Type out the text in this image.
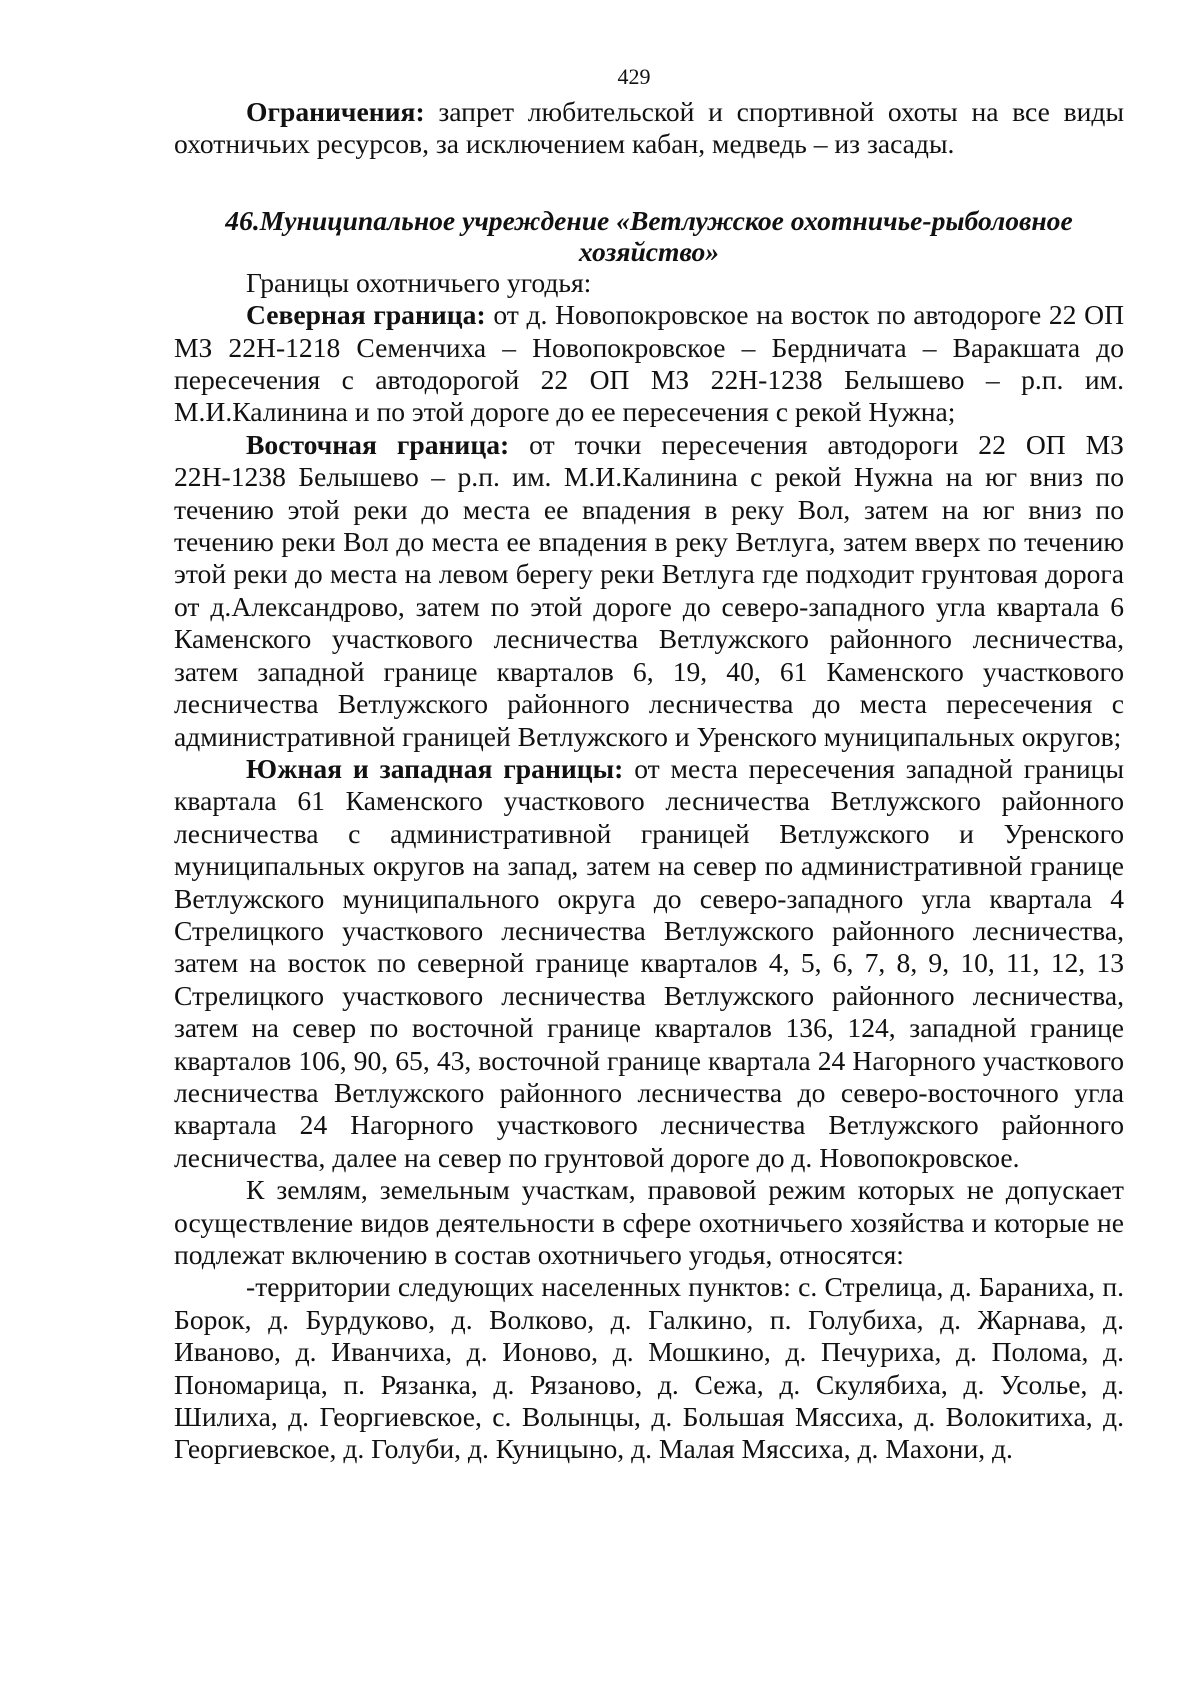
429

Ограничения: запрет любительской и спортивной охоты на все виды охотничьих ресурсов, за исключением кабан, медведь – из засады.

46.Муниципальное учреждение «Ветлужское охотничье-рыболовное
хозяйство»

Границы охотничьего угодья:

Северная граница: от д. Новопокровское на восток по автодороге 22 ОП МЗ 22Н-1218 Семенчиха – Новопокровское – Бердничата – Варакшата до пересечения с автодорогой 22 ОП МЗ 22Н-1238 Белышево – р.п. им. М.И.Калинина и по этой дороге до ее пересечения с рекой Нужна;

Восточная граница: от точки пересечения автодороги 22 ОП МЗ 22Н-1238 Белышево – р.п. им. М.И.Калинина с рекой Нужна на юг вниз по течению этой реки до места ее впадения в реку Вол, затем на юг вниз по течению реки Вол до места ее впадения в реку Ветлуга, затем вверх по течению этой реки до места на левом берегу реки Ветлуга где подходит грунтовая дорога от д.Александрово, затем по этой дороге до северо-западного угла квартала 6 Каменского участкового лесничества Ветлужского районного лесничества, затем западной границе кварталов 6, 19, 40, 61 Каменского участкового лесничества Ветлужского районного лесничества до места пересечения с административной границей Ветлужского и Уренского муниципальных округов;

Южная и западная границы: от места пересечения западной границы квартала 61 Каменского участкового лесничества Ветлужского районного лесничества с административной границей Ветлужского и Уренского муниципальных округов на запад, затем на север по административной границе Ветлужского муниципального округа до северо-западного угла квартала 4 Стрелицкого участкового лесничества Ветлужского районного лесничества, затем на восток по северной границе кварталов 4, 5, 6, 7, 8, 9, 10, 11, 12, 13 Стрелицкого участкового лесничества Ветлужского районного лесничества, затем на север по восточной границе кварталов 136, 124, западной границе кварталов 106, 90, 65, 43, восточной границе квартала 24 Нагорного участкового лесничества Ветлужского районного лесничества до северо-восточного угла квартала 24 Нагорного участкового лесничества Ветлужского районного лесничества, далее на север по грунтовой дороге до д. Новопокровское.

К землям, земельным участкам, правовой режим которых не допускает осуществление видов деятельности в сфере охотничьего хозяйства и которые не подлежат включению в состав охотничьего угодья, относятся:

-территории следующих населенных пунктов: с. Стрелица, д. Бараниха, п. Борок, д. Бурдуково, д. Волково, д. Галкино, п. Голубиха, д. Жарнава, д. Иваново, д. Иванчиха, д. Ионово, д. Мошкино, д. Печуриха, д. Полома, д. Пономарица, п. Рязанка, д. Рязаново, д. Сежа, д. Скулябиха, д. Усолье, д. Шилиха, д. Георгиевское, с. Волынцы, д. Большая Мяссиха, д. Волокитиха, д. Георгиевское, д. Голуби, д. Куницыно, д. Малая Мяссиха, д. Махони, д.
